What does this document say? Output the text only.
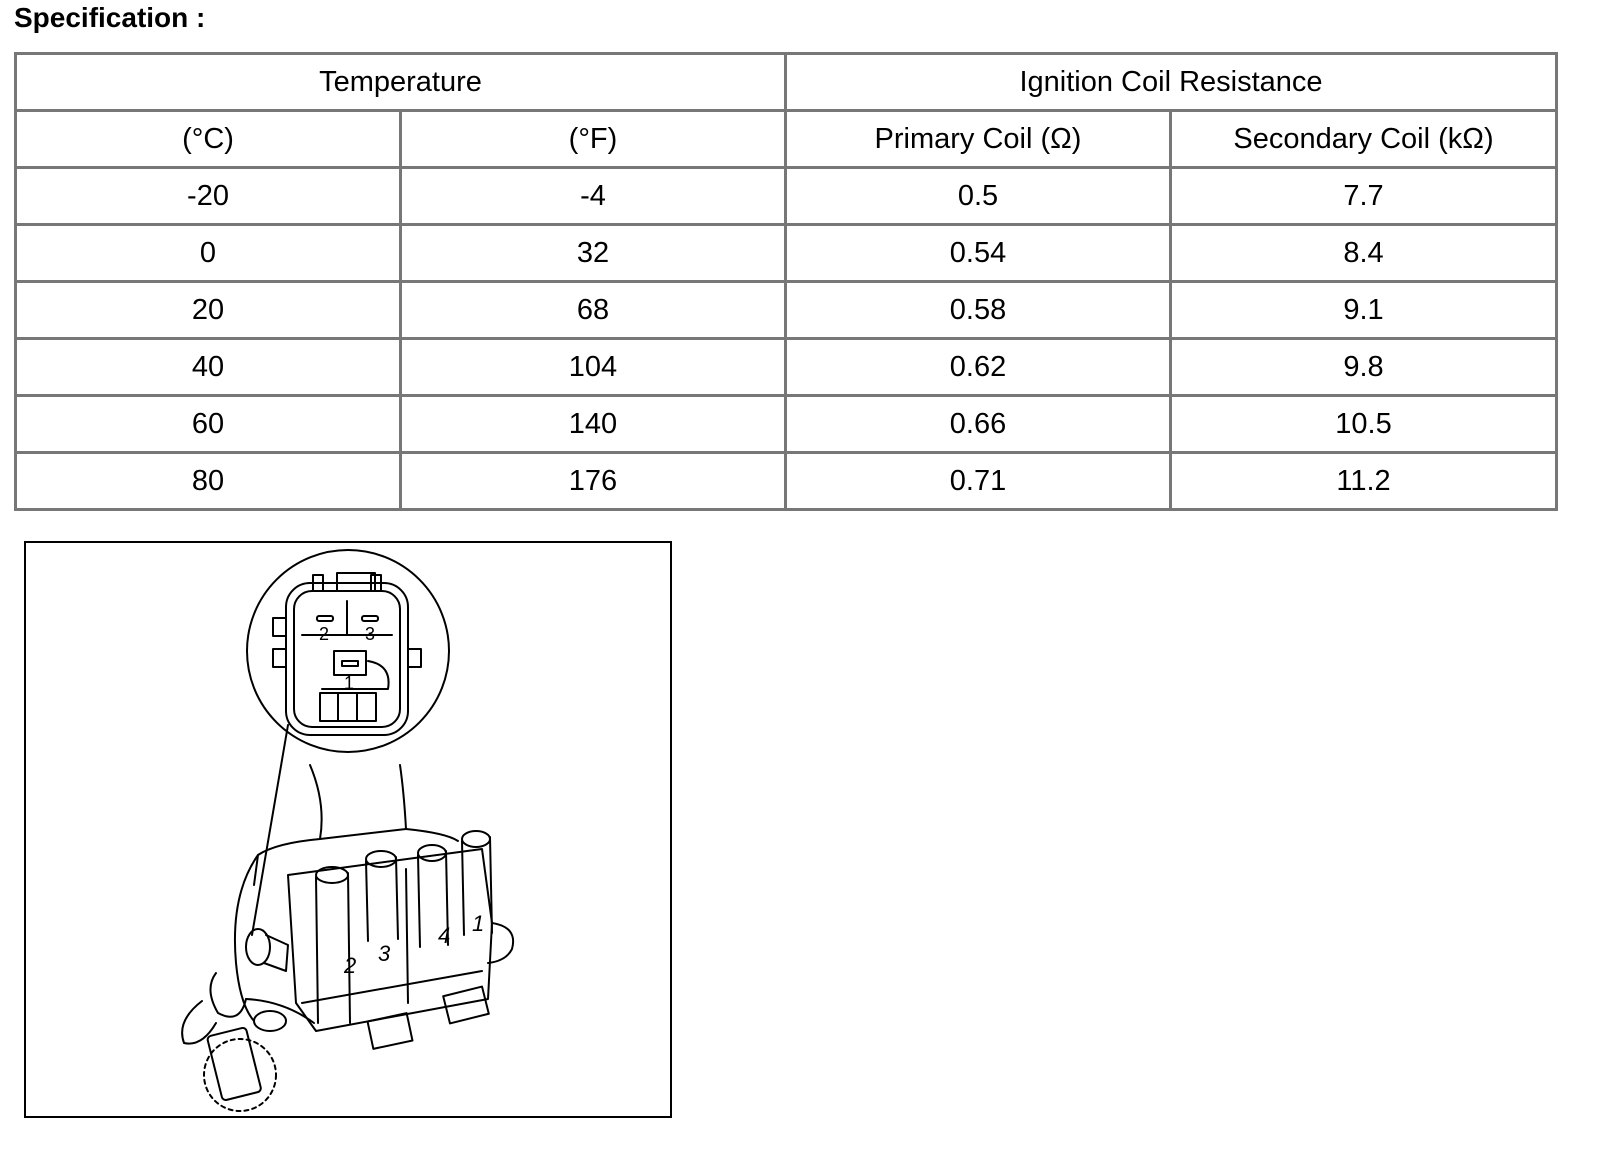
Specification :
Temperature		Ignition Coil Resistance	
(°C)	(°F)	Primary Coil (Ω)	Secondary Coil (kΩ)
-20	-4	0.5	7.7
0	32	0.54	8.4
20	68	0.58	9.1
40	104	0.62	9.8
60	140	0.66	10.5
80	176	0.71	11.2
2 3
1
2 3
4 1
